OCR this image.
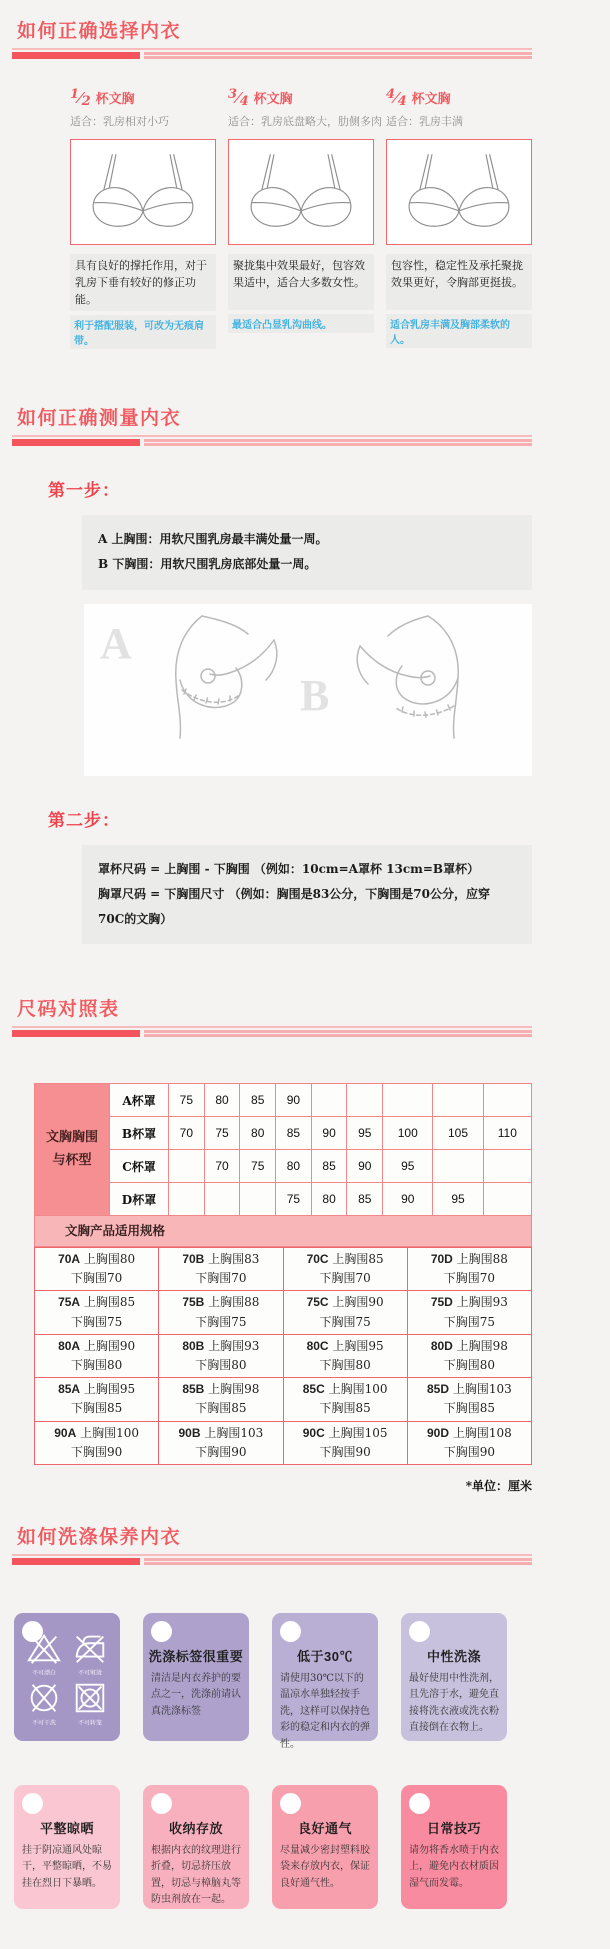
如何正确选择内衣
1⁄2 杯文胸
适合：乳房相对小巧
具有良好的撑托作用，对于乳房下垂有较好的修正功能。
利于搭配服装，可改为无痕肩带。
3⁄4 杯文胸
适合：乳房底盘略大，肋侧多肉
聚拢集中效果最好，包容效果适中，适合大多数女性。
最适合凸显乳沟曲线。
4⁄4 杯文胸
适合：乳房丰满
包容性，稳定性及承托聚拢效果更好，令胸部更挺拔。
适合乳房丰满及胸部柔软的人。
如何正确测量内衣
第一步：
A 上胸围：用软尺围乳房最丰满处量一周。
B 下胸围：用软尺围乳房底部处量一周。
A
B
第二步：
罩杯尺码 = 上胸围 - 下胸围 （例如：10cm=A罩杯 13cm=B罩杯）
胸罩尺码 = 下胸围尺寸 （例如：胸围是83公分，下胸围是70公分，应穿70C的文胸）
尺码对照表
文胸胸围与杯型	A杯罩	75	80	85	90					
	B杯罩	70	75	80	85	90	95	100	105	110
	C杯罩		70	75	80	85	90	95		
	D杯罩				75	80	85	90	95	
文胸产品适用规格
70A 上胸围80
下胸围70	70B 上胸围83
下胸围70	70C 上胸围85
下胸围70	70D 上胸围88
下胸围70

75A 上胸围85
下胸围75	75B 上胸围88
下胸围75	75C 上胸围90
下胸围75	75D 上胸围93
下胸围75

80A 上胸围90
下胸围80	80B 上胸围93
下胸围80	80C 上胸围95
下胸围80	80D 上胸围98
下胸围80

85A 上胸围95
下胸围85	85B 上胸围98
下胸围85	85C 上胸围100
下胸围85	85D 上胸围103
下胸围85

90A 上胸围100
下胸围90	90B 上胸围103
下胸围90	90C 上胸围105
下胸围90	90D 上胸围108
下胸围90
*单位：厘米
如何洗涤保养内衣
不可漂白	不可熨烫
不可干洗	不可转笼
洗涤标签很重要
清洁是内衣养护的要点之一，洗涤前请认真洗涤标签
低于30℃
请使用30℃以下的温凉水单独轻按手洗，这样可以保持色彩的稳定和内衣的弹性。
中性洗涤
最好使用中性洗剂，且先溶于水，避免直接将洗衣液或洗衣粉直接倒在衣物上。
平整晾晒
挂于阴凉通风处晾干，平整晾晒，不易挂在烈日下暴晒。
收纳存放
根据内衣的纹理进行折叠，切忌挤压放置，切忌与樟脑丸等防虫剂放在一起。
良好通气
尽量减少密封塑料胶袋来存放内衣，保证良好通气性。
日常技巧
请勿将香水喷于内衣上，避免内衣材质因湿气而发霉。
